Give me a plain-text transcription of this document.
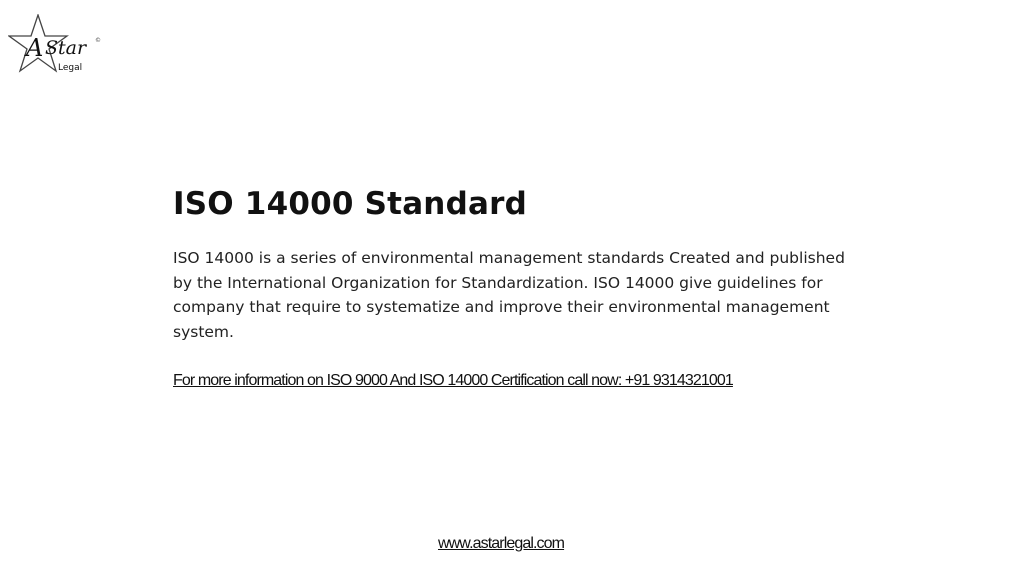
A Star	©
Legal
ISO 14000 Standard

ISO 14000 is a series of environmental management standards Created and published by the International Organization for Standardization. ISO 14000 give guidelines for company that require to systematize and improve their environmental management system.

For more information on ISO 9000 And ISO 14000 Certification call now: +91 9314321001
www.astarlegal.com
